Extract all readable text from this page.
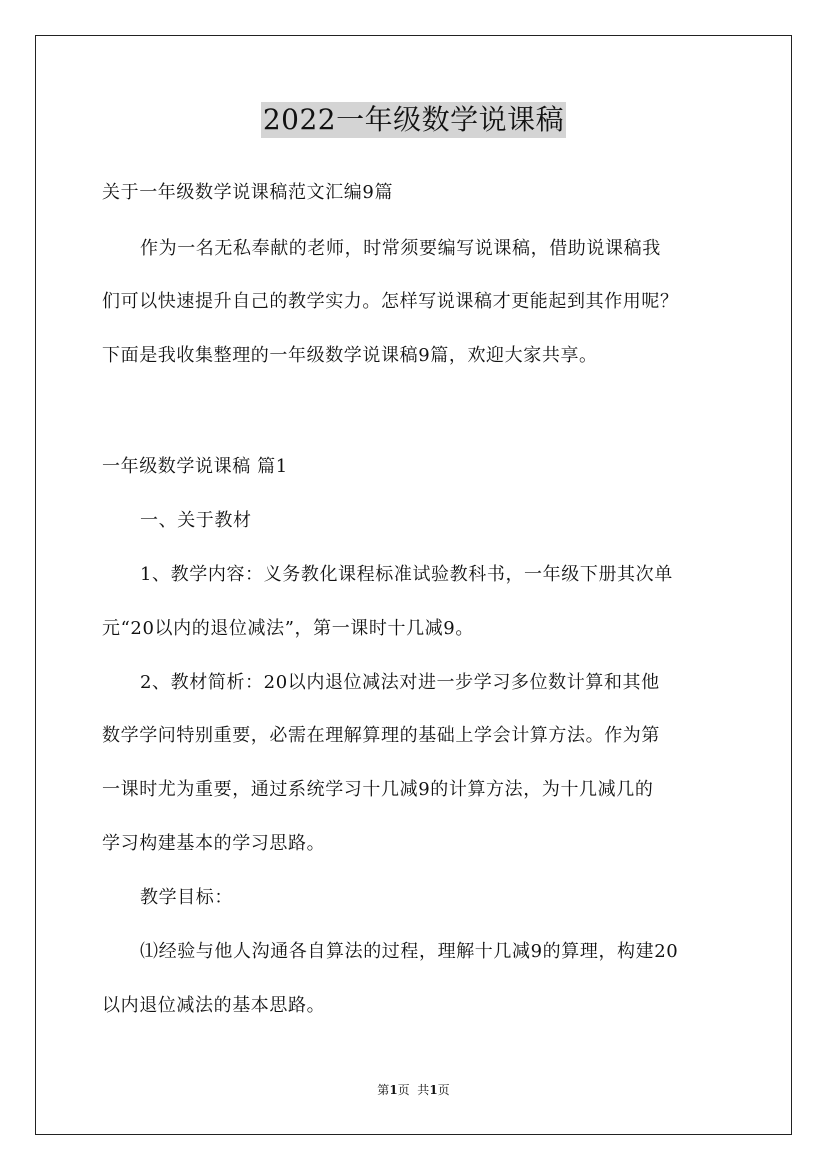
2022一年级数学说课稿
关于一年级数学说课稿范文汇编9篇
作为一名无私奉献的老师，时常须要编写说课稿，借助说课稿我
们可以快速提升自己的教学实力。怎样写说课稿才更能起到其作用呢？
下面是我收集整理的一年级数学说课稿9篇，欢迎大家共享。
一年级数学说课稿 篇1
一、关于教材
1、教学内容：义务教化课程标准试验教科书，一年级下册其次单
元“20以内的退位减法”，第一课时十几减9。
2、教材简析：20以内退位减法对进一步学习多位数计算和其他
数学学问特别重要，必需在理解算理的基础上学会计算方法。作为第
一课时尤为重要，通过系统学习十几减9的计算方法，为十几减几的
学习构建基本的学习思路。
教学目标：
⑴经验与他人沟通各自算法的过程，理解十几减9的算理，构建20
以内退位减法的基本思路。
第1页  共1页
